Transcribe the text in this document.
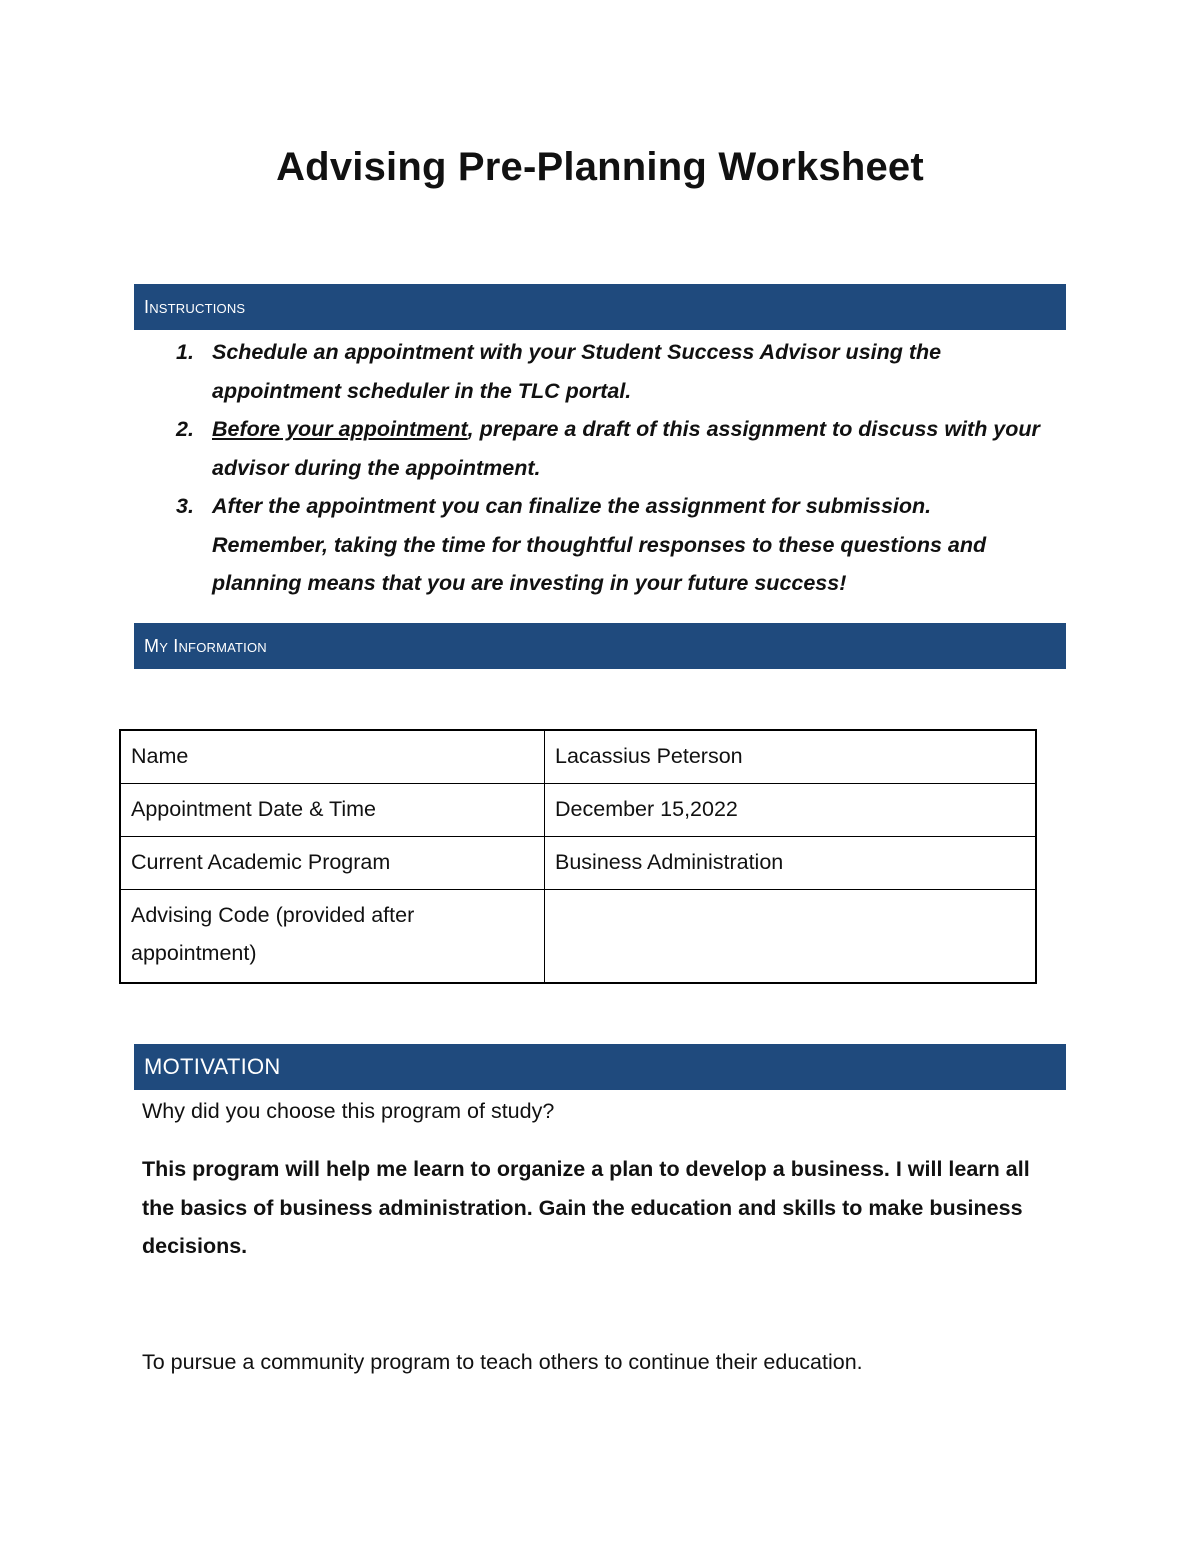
Advising Pre-Planning Worksheet
Instructions
1. Schedule an appointment with your Student Success Advisor using the appointment scheduler in the TLC portal.
2. Before your appointment, prepare a draft of this assignment to discuss with your advisor during the appointment.
3. After the appointment you can finalize the assignment for submission. Remember, taking the time for thoughtful responses to these questions and planning means that you are investing in your future success!
My Information
Name	Lacassius Peterson
Appointment Date & Time	December 15,2022
Current Academic Program	Business Administration
Advising Code (provided after appointment)	
MOTIVATION
Why did you choose this program of study?
This program will help me learn to organize a plan to develop a business. I will learn all the basics of business administration. Gain the education and skills to make business decisions.
To pursue a community program to teach others to continue their education.
